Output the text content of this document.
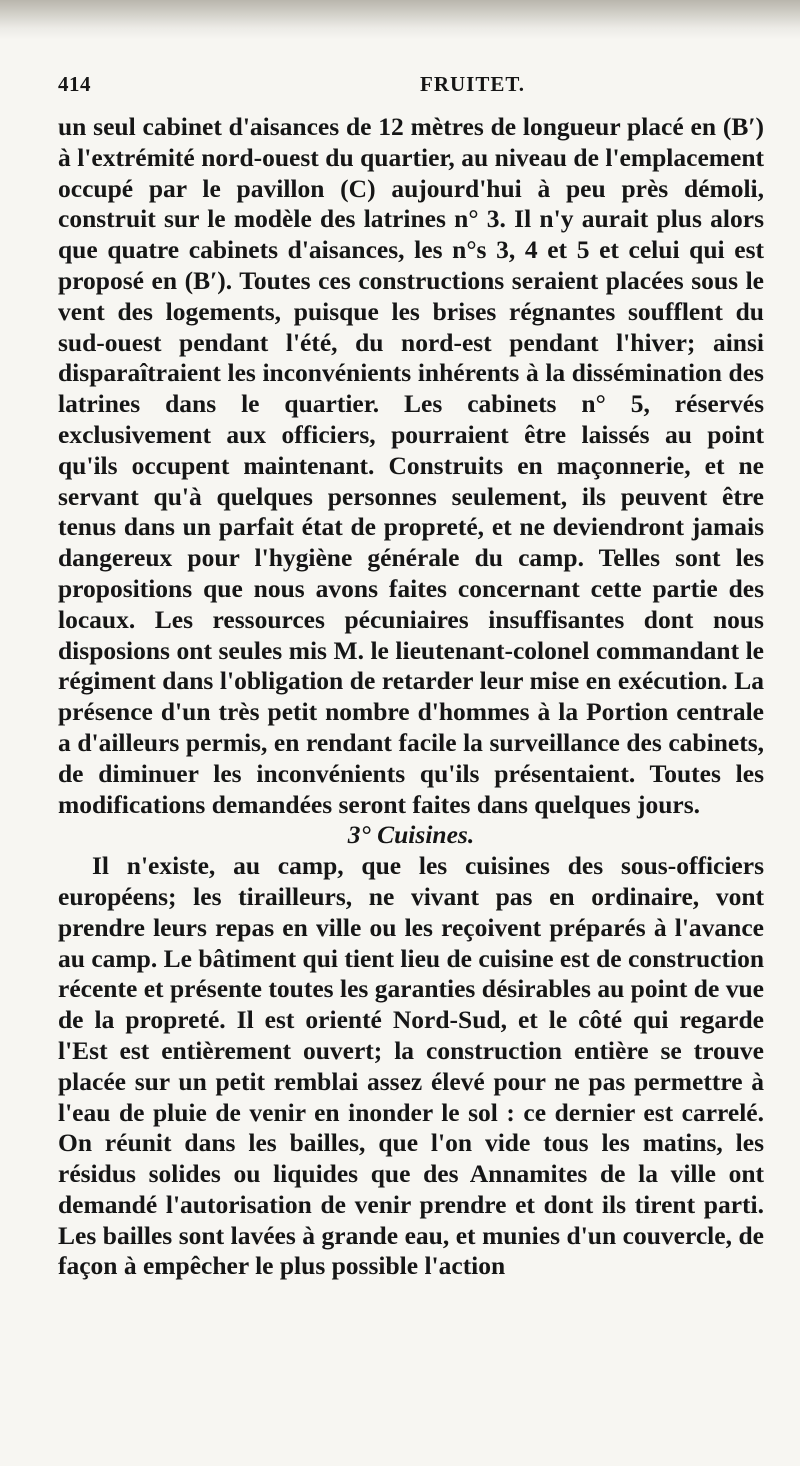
414	FRUITET.

un seul cabinet d'aisances de 12 mètres de longueur placé en (B′) à l'extrémité nord-ouest du quartier, au niveau de l'emplacement occupé par le pavillon (C) aujourd'hui à peu près démoli, construit sur le modèle des latrines n° 3. Il n'y aurait plus alors que quatre cabinets d'aisances, les n°s 3, 4 et 5 et celui qui est proposé en (B′). Toutes ces constructions seraient placées sous le vent des logements, puisque les brises régnantes soufflent du sud-ouest pendant l'été, du nord-est pendant l'hiver; ainsi disparaîtraient les inconvénients inhérents à la dissémination des latrines dans le quartier. Les cabinets n° 5, réservés exclusivement aux officiers, pourraient être laissés au point qu'ils occupent maintenant. Construits en maçonnerie, et ne servant qu'à quelques personnes seulement, ils peuvent être tenus dans un parfait état de propreté, et ne deviendront jamais dangereux pour l'hygiène générale du camp. Telles sont les propositions que nous avons faites concernant cette partie des locaux. Les ressources pécuniaires insuffisantes dont nous disposions ont seules mis M. le lieutenant-colonel commandant le régiment dans l'obligation de retarder leur mise en exécution. La présence d'un très petit nombre d'hommes à la Portion centrale a d'ailleurs permis, en rendant facile la surveillance des cabinets, de diminuer les inconvénients qu'ils présentaient. Toutes les modifications demandées seront faites dans quelques jours.

3° Cuisines.

Il n'existe, au camp, que les cuisines des sous-officiers européens; les tirailleurs, ne vivant pas en ordinaire, vont prendre leurs repas en ville ou les reçoivent préparés à l'avance au camp. Le bâtiment qui tient lieu de cuisine est de construction récente et présente toutes les garanties désirables au point de vue de la propreté. Il est orienté Nord-Sud, et le côté qui regarde l'Est est entièrement ouvert; la construction entière se trouve placée sur un petit remblai assez élevé pour ne pas permettre à l'eau de pluie de venir en inonder le sol : ce dernier est carrelé. On réunit dans les bailles, que l'on vide tous les matins, les résidus solides ou liquides que des Annamites de la ville ont demandé l'autorisation de venir prendre et dont ils tirent parti. Les bailles sont lavées à grande eau, et munies d'un couvercle, de façon à empêcher le plus possible l'action
